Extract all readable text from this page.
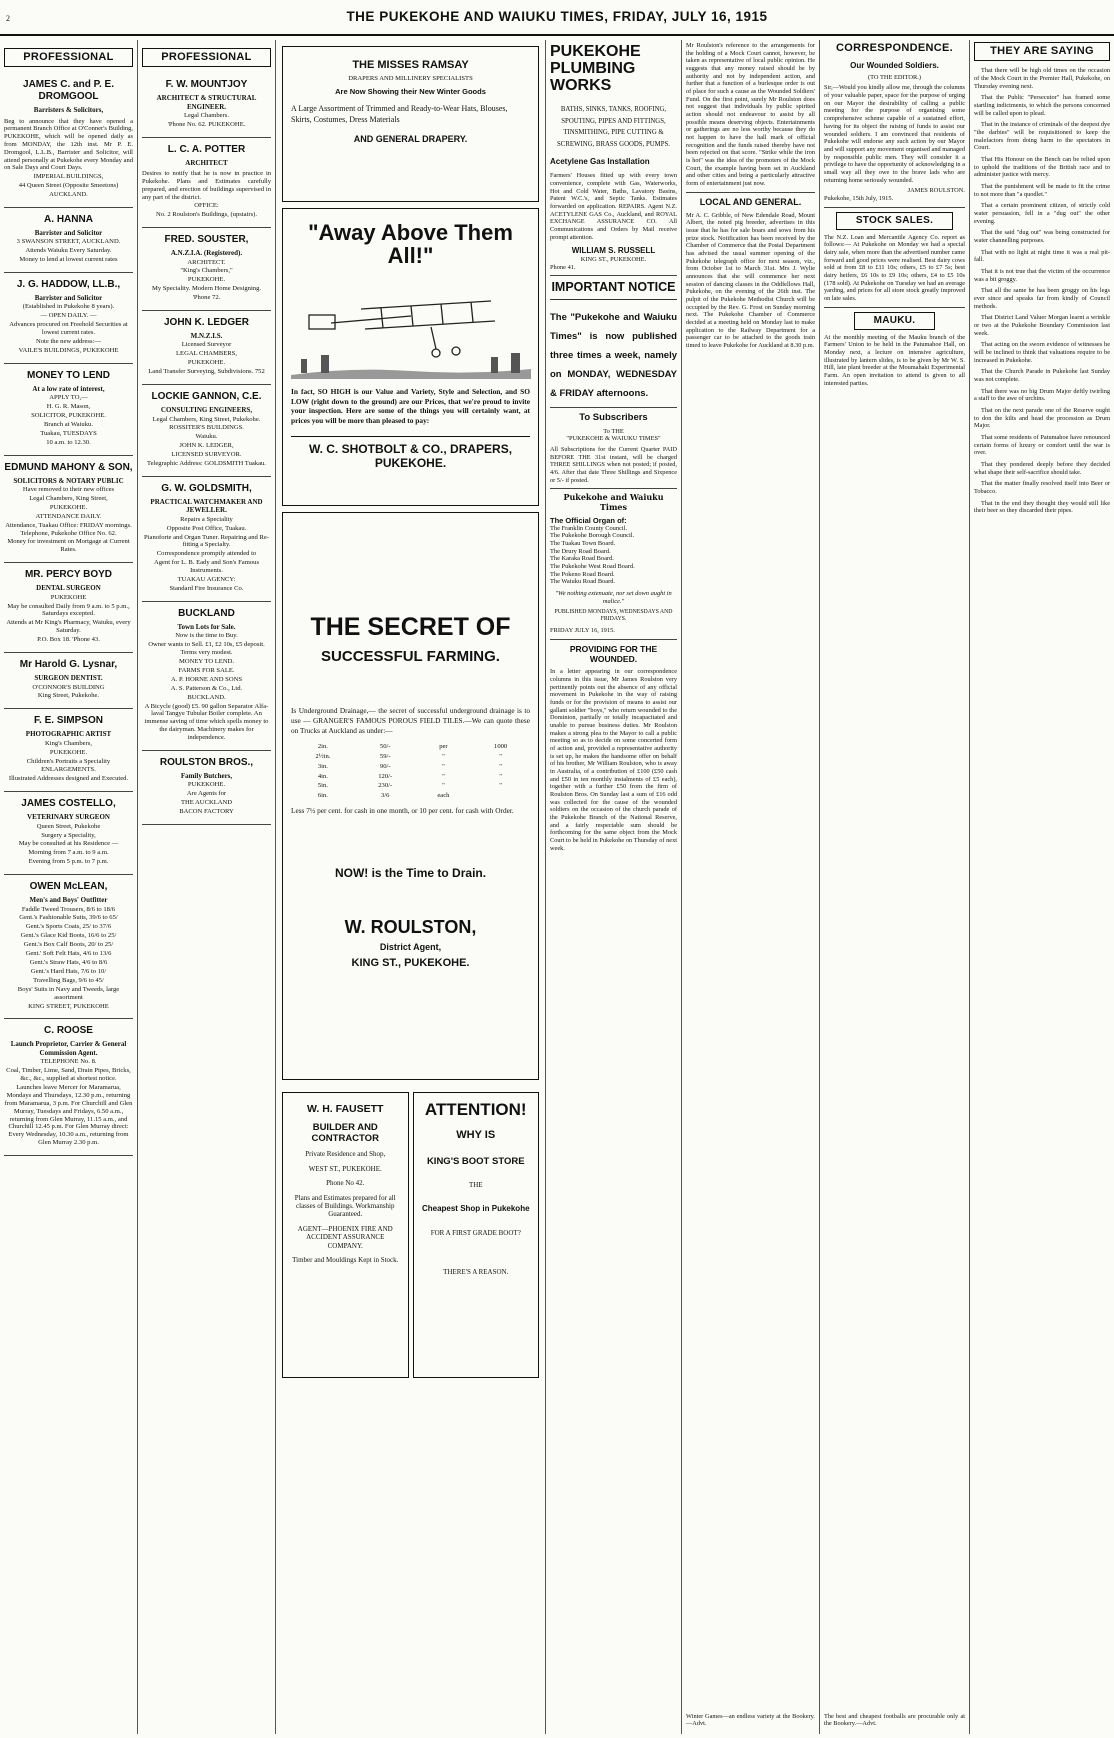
2	THE PUKEKOHE AND WAIUKU TIMES, FRIDAY, JULY 16, 1915
PROFESSIONAL
JAMES C. and P. E. DROMGOOL
Barristers & Solicitors,
Beg to announce that they have opened a permanent Branch Office at O'Conner's Building, PUKEKOHE, which will be opened daily as from MONDAY, the 12th inst. Mr P. E. Dromgool, L.L.B., Barrister and Solicitor, will attend personally at Pukekohe every Monday and on Sale Days and Court Days.
IMPERIAL BUILDINGS,
44 Queen Street (Opposite Smeetons)
AUCKLAND.
A. HANNA
Barrister and Solicitor
3 SWANSON STREET, AUCKLAND.
Attends Waiuku Every Saturday.
Money to lend at lowest current rates
J. G. HADDOW, LL.B.,
Barrister and Solicitor
(Established in Pukekohe 8 years).
— OPEN DAILY. —
Advances procured on Freehold Securities at lowest current rates.
Note the new address:—
VAILE'S BUILDINGS, PUKEKOHE
MONEY TO LEND
At a low rate of interest,
APPLY TO,—
H. G. R. Mason,
SOLICITOR, PUKEKOHE.
Branch at Waiuku.
Tuakau, TUESDAYS
10 a.m. to 12.30.
EDMUND MAHONY & SON,
SOLICITORS & NOTARY PUBLIC
Have removed to their new offices
Legal Chambers, King Street,
PUKEKOHE.
ATTENDANCE DAILY.
Attendance, Tuakau Office: FRIDAY mornings. Telephone, Pukekohe Office No. 62.
Money for investment on Mortgage at Current Rates.
MR. PERCY BOYD
DENTAL SURGEON
PUKEKOHE
May be consulted Daily from 9 a.m. to 5 p.m., Saturdays excepted.
Attends at Mr King's Pharmacy, Waiuku, every Saturday.
P.O. Box 18. 'Phone 43.
Mr Harold G. Lysnar,
SURGEON DENTIST.
O'CONNOR'S BUILDING
King Street, Pukekohe.
F. E. SIMPSON
PHOTOGRAPHIC ARTIST
King's Chambers,
PUKEKOHE.
Children's Portraits a Speciality
ENLARGEMENTS.
Illustrated Addresses designed and Executed.
JAMES COSTELLO,
VETERINARY SURGEON
Queen Street, Pukekohe
Surgery a Speciality,
May be consulted at his Residence —
Morning from 7 a.m. to 9 a.m.
Evening from 5 p.m. to 7 p.m.
OWEN McLEAN,
Men's and Boys' Outfitter
Faddle Tweed Trousers, 8/6 to 18/6
Gent.'s Fashionable Suits, 39/6 to 65/
Gent.'s Sports Coats, 25/ to 37/6
Gent.'s Glace Kid Boots, 16/6 to 25/
Gent.'s Box Calf Boots, 20/ to 25/
Gent.' Soft Felt Hats, 4/6 to 13/6
Gent.'s Straw Hats, 4/6 to 8/6
Gent.'s Hard Hats, 7/6 to 10/
Travelling Bags, 9/6 to 45/
Boys' Suits in Navy and Tweeds, large assortment
KING STREET, PUKEKOHE
C. ROOSE
Launch Proprietor, Carrier & General Commission Agent.
TELEPHONE No. 8.
Coal, Timber, Lime, Sand, Drain Pipes, Bricks, &c., &c., supplied at shortest notice.
Launches leave Mercer for Maramarua, Mondays and Thursdays, 12.30 p.m., returning from Maramarua, 3 p.m. For Churchill and Glen Murray, Tuesdays and Fridays, 6.50 a.m., returning from Glen Murray, 11.15 a.m., and Churchill 12.45 p.m. For Glen Murray direct: Every Wednesday, 10.30 a.m., returning from Glen Murray 2.30 p.m.
PROFESSIONAL
F. W. MOUNTJOY
ARCHITECT & STRUCTURAL ENGINEER.
Legal Chambers.
'Phone No. 62. PUKEKOHE.
L. C. A. POTTER
ARCHITECT
Desires to notify that he is now in practice in Pukekohe. Plans and Estimates carefully prepared, and erection of buildings supervised in any part of the district.
OFFICE:
No. 2 Roulston's Buildings, (upstairs).
FRED. SOUSTER,
A.N.Z.I.A. (Registered).
ARCHITECT.
"King's Chambers,"
PUKEKOHE.
My Speciality. Modern Home Designing.
'Phone 72.
JOHN K. LEDGER
M.N.Z.I.S.
Licensed Surveyor
LEGAL CHAMBERS,
PUKEKOHE.
Land Transfer Surveying, Subdivisions. 752
LOCKIE GANNON, C.E.
CONSULTING ENGINEERS,
Legal Chambers, King Street, Pukekohe.
ROSSITER'S BUILDINGS.
Waiuku.
JOHN K. LEDGER,
LICENSED SURVEYOR.
Telegraphic Address: GOLDSMITH Tuakau.
G. W. GOLDSMITH,
PRACTICAL WATCHMAKER AND JEWELLER.
Repairs a Speciality
Opposite Post Office, Tuakau.
Pianoforte and Organ Tuner. Repairing and Re-fitting a Specialty.
Correspondence promptly attended to
Agent for L. B. Eady and Son's Famous Instruments.
TUAKAU AGENCY:
Standard Fire Insurance Co.
BUCKLAND
Town Lots for Sale.
Now is the time to Buy.
Owner wants to Sell. £1, £2 10s, £5 deposit. Terms very modest.
MONEY TO LEND.
FARMS FOR SALE.
A. P. HORNE AND SONS
A. S. Patterson & Co., Ltd.
BUCKLAND.
A Bicycle (good) £5. 90 gallon Separator Alfa-laval Tangye Tubular Boiler complete. An immense saving of time which spells money to the dairyman. Machinery makes for independence.
ROULSTON BROS.,
Family Butchers,
PUKEKOHE.
Are Agents for
THE AUCKLAND
BACON FACTORY
THE MISSES RAMSAY
DRAPERS AND MILLINERY SPECIALISTS
Are Now Showing their New Winter Goods
A Large Assortment of Trimmed and Ready-to-Wear Hats, Blouses, Skirts, Costumes, Dress Materials
AND GENERAL DRAPERY.
"Away Above Them All!"
In fact, SO HIGH is our Value and Variety, Style and Selection, and SO LOW (right down to the ground) are our Prices, that we're proud to invite your inspection. Here are some of the things you will certainly want, at prices you will be more than pleased to pay:
W. C. SHOTBOLT & CO., DRAPERS, PUKEKOHE.
THE SECRET OF
SUCCESSFUL FARMING.
Is Underground Drainage,— the secret of successful underground drainage is to use — GRANGER'S FAMOUS POROUS FIELD TILES.—We can quote these on Trucks at Auckland as under:—
2in.	50/-	per	1000
2½in.	59/-	"	"
3in.	90/-	"	"
4in.	120/-	"	"
5in.	230/-	"	"
6in.	3/6	each	
Less 7½ per cent. for cash in one month, or 10 per cent. for cash with Order.
NOW! is the Time to Drain.
W. ROULSTON,
District Agent,
KING ST., PUKEKOHE.
W. H. FAUSETT
BUILDER AND CONTRACTOR
Private Residence and Shop,
WEST ST., PUKEKOHE.
Phone No 42.
Plans and Estimates prepared for all classes of Buildings. Workmanship Guaranteed.
AGENT—PHOENIX FIRE AND ACCIDENT ASSURANCE COMPANY.
Timber and Mouldings Kept in Stock.
ATTENTION!
WHY IS
KING'S BOOT STORE
THE
Cheapest Shop in Pukekohe
FOR A FIRST GRADE BOOT?
THERE'S A REASON.
PUKEKOHE PLUMBING WORKS
BATHS, SINKS, TANKS, ROOFING, SPOUTING, PIPES AND FITTINGS, TINSMITHING, PIPE CUTTING & SCREWING, BRASS GOODS, PUMPS.
Acetylene Gas Installation
Farmers' Houses fitted up with every town convenience, complete with Gas, Waterworks, Hot and Cold Water, Baths, Lavatory Basins, Patent W.C.'s, and Septic Tanks. Estimates forwarded on application. REPAIRS. Agent N.Z. ACETYLENE GAS Co., Auckland, and ROYAL EXCHANGE ASSURANCE CO. All Communications and Orders by Mail receive prompt attention.
WILLIAM S. RUSSELL
KING ST., PUKEKOHE.
Phone 41.
IMPORTANT NOTICE
The "Pukekohe and Waiuku Times" is now published three times a week, namely on MONDAY, WEDNESDAY & FRIDAY afternoons.
To Subscribers
To THE
"PUKEKOHE & WAIUKU TIMES"
All Subscriptions for the Current Quarter PAID BEFORE THE 31st instant, will be charged THREE SHILLINGS when not posted; if posted, 4/6. After that date Three Shillings and Sixpence or 5/- if posted.
Pukekohe and Waiuku Times
The Official Organ of:
The Franklin County Council.
The Pukekohe Borough Council.
The Tuakau Town Board.
The Drury Road Board.
The Karaka Road Board.
The Pukekohe West Road Board.
The Pokeno Road Board.
The Waiuku Road Board.
"We nothing extenuate, nor set down aught in malice."
PUBLISHED MONDAYS, WEDNESDAYS AND FRIDAYS.
FRIDAY JULY 16, 1915.
PROVIDING FOR THE WOUNDED.
In a letter appearing in our correspondence columns in this issue, Mr James Roulston very pertinently points out the absence of any official movement in Pukekohe in the way of raising funds or for the provision of means to assist our gallant soldier "boys," who return wounded to the Dominion, partially or totally incapacitated and unable to pursue business duties. Mr Roulston makes a strong plea to the Mayor to call a public meeting so as to decide on some concerted form of action and, provided a representative authority is set up, he makes the handsome offer on behalf of his brother, Mr William Roulston, who is away in Australia, of a contribution of £100 (£50 cash and £50 in ten monthly instalments of £5 each), together with a further £50 from the firm of Roulston Bros. On Sunday last a sum of £16 odd was collected for the cause of the wounded soldiers on the occasion of the church parade of the Pukekohe Branch of the National Reserve, and a fairly respectable sum should be forthcoming for the same object from the Mock Court to be held in Pukekohe on Thursday of next week.
Mr Roulston's reference to the arrangements for the holding of a Mock Court cannot, however, be taken as representative of local public opinion. He suggests that any money raised should be by authority and not by independent action, and further that a function of a burlesque order is out of place for such a cause as the Wounded Soldiers' Fund. On the first point, surely Mr Roulston does not suggest that individuals by public spirited action should not endeavour to assist by all possible means deserving objects. Entertainments or gatherings are no less worthy because they do not happen to have the hall mark of official recognition and the funds raised thereby have not been rejected on that score. "Strike while the iron is hot" was the idea of the promoters of the Mock Court, the example having been set in Auckland and other cities and being a particularly attractive form of entertainment just now.
LOCAL AND GENERAL.
Mr A. C. Gribble, of New Edendale Road, Mount Albert, the noted pig breeder, advertises in this issue that he has for sale boars and sows from his prize stock. Notification has been received by the Chamber of Commerce that the Postal Department has advised the usual summer opening of the Pukekohe telegraph office for next season, viz., from October 1st to March 31st. Mrs J. Wylie announces that she will commence her next session of dancing classes in the Oddfellows Hall, Pukekohe, on the evening of the 26th inst. The pulpit of the Pukekohe Methodist Church will be occupied by the Rev. G. Frost on Sunday morning next. The Pukekohe Chamber of Commerce decided at a meeting held on Monday last to make application to the Railway Department for a passenger car to be attached to the goods train timed to leave Pukekohe for Auckland at 8.30 p.m.
Winter Games—an endless variety at the Bookery.—Advt.
CORRESPONDENCE.
Our Wounded Soldiers.
(TO THE EDITOR.)
Sir,—Would you kindly allow me, through the columns of your valuable paper, space for the purpose of urging on our Mayor the desirability of calling a public meeting for the purpose of organising some comprehensive scheme capable of a sustained effort, having for its object the raising of funds to assist our wounded soldiers. I am convinced that residents of Pukekohe will endorse any such action by our Mayor and will support any movement organised and managed by responsible public men. They will consider it a privilege to have the opportunity of acknowledging in a small way all they owe to the brave lads who are returning home seriously wounded.
JAMES ROULSTON.
Pukekohe, 15th July, 1915.
STOCK SALES.
The N.Z. Loan and Mercantile Agency Co. report as follows:— At Pukekohe on Monday we had a special dairy sale, when more than the advertised number came forward and good prices were realised. Best dairy cows sold at from £8 to £11 10s; others, £5 to £7 5s; best dairy heifers, £6 10s to £9 10s; others, £4 to £5 10s (178 sold). At Pukekohe on Tuesday we had an average yarding, and prices for all store stock greatly improved on late sales.
MAUKU.
At the monthly meeting of the Mauku branch of the Farmers' Union to be held in the Patumahoe Hall, on Monday next, a lecture on intensive agriculture, illustrated by lantern slides, is to be given by Mr W. S. Hill, late plant breeder at the Moumahaki Experimental Farm. An open invitation to attend is given to all interested parties.
The best and cheapest footballs are procurable only at the Bookery.—Advt.
THEY ARE SAYING
That there will be high old times on the occasion of the Mock Court in the Premier Hall, Pukekohe, on Thursday evening next.
That the Public "Persecutor" has framed some startling indictments, to which the persons concerned will be called upon to plead.
That in the instance of criminals of the deepest dye "the darbies" will be requisitioned to keep the malefactors from doing harm to the spectators in Court.
That His Honour on the Bench can be relied upon to uphold the traditions of the British race and to administer justice with mercy.
That the punishment will be made to fit the crime to not more than "a quodlet."
That a certain prominent citizen, of strictly cold water persuasion, fell in a "dug out" the other evening.
That the said "dug out" was being constructed for water channelling purposes.
That with no light at night time it was a real pit-fall.
That it is not true that the victim of the occurrence was a bit groggy.
That all the same he has been groggy on his legs ever since and speaks far from kindly of Council methods.
That District Land Valuer Morgan learnt a wrinkle or two at the Pukekohe Boundary Commission last week.
That acting on the sworn evidence of witnesses he will be inclined to think that valuations require to be increased in Pukekohe.
That the Church Parade in Pukekohe last Sunday was not complete.
That there was no big Drum Major deftly twirling a staff to the awe of urchins.
That on the next parade one of the Reserve ought to don the kilts and head the procession as Drum Major.
That some residents of Patumahoe have renounced certain forms of luxury or comfort until the war is over.
That they pondered deeply before they decided what shape their self-sacrifice should take.
That the matter finally resolved itself into Beer or Tobacco.
That in the end they thought they would still like their beer so they discarded their pipes.
